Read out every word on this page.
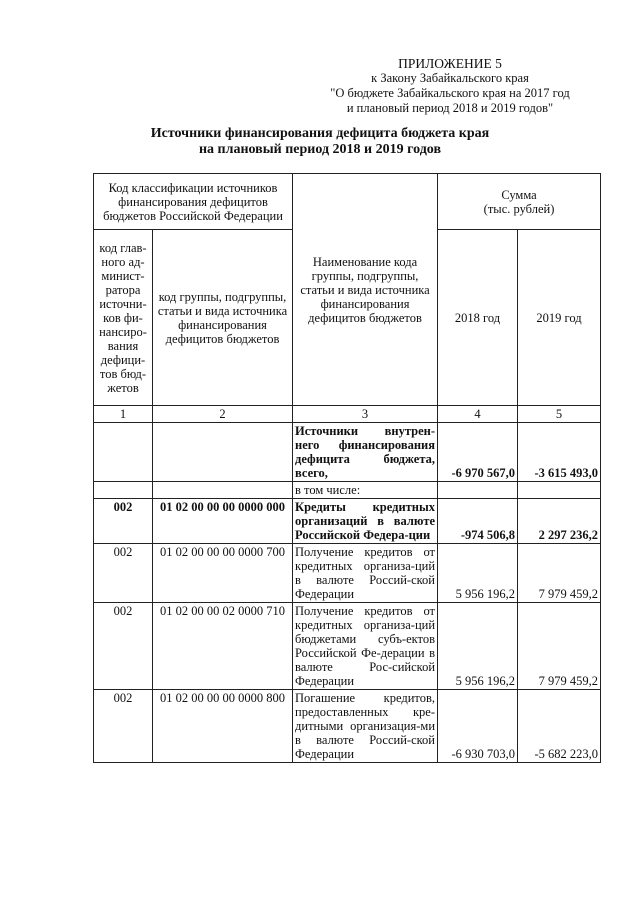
ПРИЛОЖЕНИЕ 5
к Закону Забайкальского края
"О бюджете Забайкальского края на 2017 год
и плановый период 2018 и 2019 годов"
Источники финансирования дефицита бюджета края
на плановый период 2018 и 2019 годов
Код классификации источников финансирования дефицитов бюджетов Российской Федерации		Наименование кода группы, подгруппы, статьи и вида источника финансирования дефицитов бюджетов	Сумма
(тыс. рублей)	

код глав-ного ад-минист-ратора источни-ков фи-нансиро-вания дефици-тов бюд-жетов	код группы, подгруппы, статьи и вида источника финансирования дефицитов бюджетов		2018 год	2019 год
1	2	3	4	5
		Источники внутрен-него финансирования дефицита бюджета, всего,	-6 970 567,0	-3 615 493,0
		в том числе:		
002	01 02 00 00 00 0000 000	Кредиты кредитных организаций в валюте Российской Федера-ции	-974 506,8	2 297 236,2
002	01 02 00 00 00 0000 700	Получение кредитов от кредитных организа-ций в валюте Россий-ской Федерации	5 956 196,2	7 979 459,2
002	01 02 00 00 02 0000 710	Получение кредитов от кредитных организа-ций бюджетами субъ-ектов Российской Фе-дерации в валюте Рос-сийской Федерации	5 956 196,2	7 979 459,2
002	01 02 00 00 00 0000 800	Погашение кредитов, предоставленных кре-дитными организация-ми в валюте Россий-ской Федерации	-6 930 703,0	-5 682 223,0
